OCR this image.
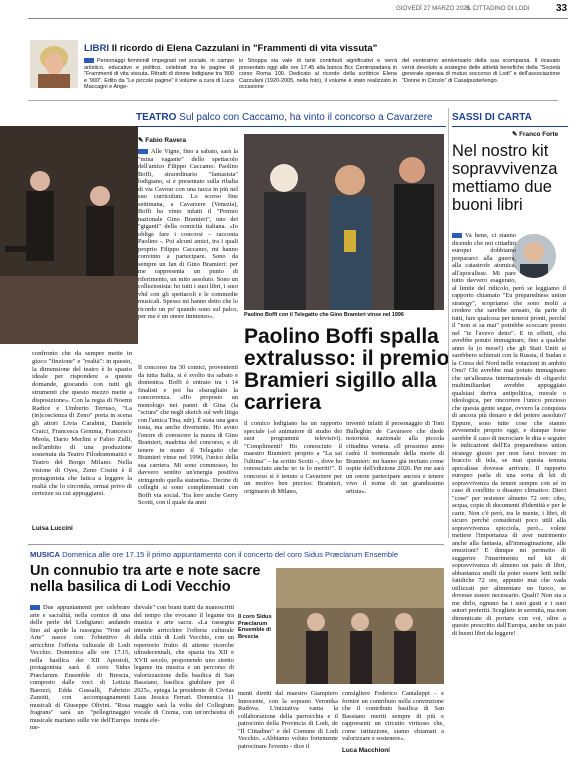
GIOVEDÌ 27 MARZO 2025
IL CITTADINO DI LODI	33
LIBRI Il ricordo di Elena Cazzulani in "Frammenti di vita vissuta"
Personaggi femminili impegnati nel sociale, in campo artistico, educativo e politico, celebrati tra le pagine di "Frammenti di vita vissuta. Ritratti di donne lodigiane tra '800 e '900". Edito da "Le piccole pagine" il volume a cura di Luca Maccagni e Ange-
lo Stroppa sia vale di tanti contributi significativi e verrà presentato oggi alle ore 17.45 alla banca Bcc Centropadana in corso Roma 100. Dedicato al ricordo della scrittrice Elena Cazzulani (1920-2005, nella foto), il volume è stato realizzato in occasione
del ventesimo anniversario della sua scomparsa. Il ricavato verrà devoluto a sostegno delle attività benefiche della "Società generale operaia di mutuo soccorso di Lodi" e dell'associazione "Donne in Circolo" di Casalpusterlengo.
TEATRO Sul palco con Caccamo, ha vinto il concorso a Cavarzere
confronto che da sempre mette in gioco "finzione" e "realtà": in questo, la dimensione del teatro è lo spazio ideale per rispondere a queste domande, giocando con tutti gli strumenti che questo mezzo mette a disposizione». Con la regia di Noemi Radice e Umberto Terruso, "La (in)coscienza di Zeno" porta in scena gli attori Livia Carabini, Daniele Craici, Francesca Gemma, Francesco Meola, Dario Merlini e Fabio Zulli, nell'ambito di una produzione sostenuta da Teatro Filodrammatici e Teatro del Borgo Milano. Nella visione di Oyes, Zeno Cosini è il protagonista che fatica a leggere la realtà che lo circonda, ormai privo di certezze su cui appoggiarsi.
Luisa Luccini
✎ Fabio Ravera
Alle Vigne, fino a sabato, sarà la "mina vagante" dello spettacolo dell'amico Filippo Caccamo. Paolino Boffi, straordinario "fantasista" lodigiano, si è presentato sulla ribalta di via Cavour con una tacca in più nel suo curriculum. Lo scorso fine settimana, a Cavarzere (Venezia), Boffi ha vinto infatti il "Premio nazionale Gino Bramieri", uno dei "giganti" della comicità italiana. «Io oblige fare i concorsi – racconta Paolino -. Poi alcuni amici, tra i quali proprio Filippo Caccamo, mi hanno convinto a partecipare. Sono da sempre un fan di Gino Bramieri: per me rappresenta un punto di riferimento, un mito assoluto. Sono un collezionista: ho tutti i suoi libri, i suoi vhd con gli spettacoli e le commedie musicali. Spesso mi hanno detto che lo ricordo un po' quando sono sul palco, per me è un onore immenso».
Il concorso tra 30 comici, provenienti da tutta Italia, si è svolto tra sabato e domenica. Boffi è entrato tra i 14 finalisti e poi ha sbaragliato la concorrenza. «Ho proposto un monologo nei panni di Gina (la "sciura" che negli sketch sul web litiga con l'amica Tina, ndr). È stata una gara tosta, ma anche divertente. Ho avuto l'onore di conoscere la nuora di Gino Bramieri, madrina del concorso, e di tenere in mano il Telegatto che Bramieri vinse nel 1996, l'unico della sua carriera. Mi sono commosso, ho davvero sentito un'energia positiva stringendo quella statuetta». Decine di colleghi si sono complimentati con Boffi via social. Tra loro anche Gerry Scotti, con il quale da anni
Paolino Boffi con il Telegatto che Gino Bramieri vinse nel 1996
Paolino Boffi spalla extralusso: il premio Bramieri sigillo alla carriera
il comico lodigiano ha un rapporto speciale («è animatore di studio dei suoi programmi televisivi). "Complimenti! Ho conosciuto il maestro Bramieri: proprio a "La sai l'ultima" – ha scritto Scotti –, dove ho conosciuto anche te: te lo meriti!". Il concorso si è tenuto a Cavarzere per un motivo ben preciso: Bramieri, originario di Milano,
inventò infatti il personaggio di Toni Bulleghin de Cavarsere che diede notorietà nazionale alla piccola cittadina veneta. «Il prossimo anno cadrà il trentennale della morte di Bramieri: mi hanno già invitato come ospite dell'edizione 2026. Per me sarà un onore partecipare ancora e tenere vivo il nome di un grandissimo artista».
SASSI DI CARTA
✎ Franco Forte
Nel nostro kit sopravvivenza mettiamo due buoni libri
Va bene, ci stanno dicendo che noi cittadini europei dobbiamo prepararci alla guerra, alla catastrofe atomica, all'apocalisse. Mi pare tutto davvero esagerato, al limite del ridicolo, però se leggiamo il rapporto chiamato "Eu preparedness union strategy", scopriamo che sono molti a credere che sarebbe sensato, da parte di tutti, fare qualcosa per tenersi pronti, perché il "non si sa mai" potrebbe scoccare presto nel "te l'avevo detto". E in effetti, chi avrebbe potuto immaginare, fino a qualche anno fa (o mese!) che gli Stati Uniti si sarebbero schierati con la Russia, il Sudan e la Corea del Nord nelle votazioni in ambito Onu? Chi avrebbe mai potuto immaginare che un'alleanza internazionale di oligarchi multimiliardari avrebbe appoggiato qualsiasi deriva antipolitica, morale o ideologica, per rincorrere l'unico prezioso che questa gente segue, ovvero la conquista di ancora più denaro e del potere assoluto? Eppure, sono tutte cose che stanno avvenendo proprio oggi, e dunque forse sarebbe il caso di incrociare le dita e seguire le indicazioni dell'Eu preparedness union strategy giusto per non farsi trovare in braccio di tela, se mai questa temuta apocalisse dovesse arrivare. Il rapporto europeo parla di una sorta di kit di sopravvivenza da tenere sempre con sé in caso di conflitto o disastro climatico. Dieci "cose" per resistere almeno 72 ore: cibo, acqua, copie di documenti d'identità e per le carte. Non c'è però, tra le mente, i libri, di sicuro perché considerati poco utili alla sopravvivenza spicciola, però... volete mettere l'importanza di aver nutrimento anche alla fantasia, all'immaginazione, alle emozioni? E dunque mi permetto di suggerire l'inserimento nel kit di sopravvivenza di almeno un paio di libri, abbastanza snelli da poter essere letti nelle fatidiche 72 ore, appunto mai che vada utilizzati per alimentare un fuoco, se dovesse essere necessario. Quali? Non sta a me dirlo, ognuno ha i suoi gusti e i suoi autori preferiti. Scegliete in serenità, ma non dimenticate di portare con voi, oltre a questo prescritto dall'Europa, anche un paio di buoni libri da leggere!
MUSICA Domenica alle ore 17.15 il primo appuntamento con il concerto del coro Sidus Præclarum Ensemble
Un connubio tra arte e note sacre nella basilica di Lodi Vecchio
Due appuntamenti per celebrare arte e sacralità, nella cornice di una delle perle del Lodigiano: andando fino ad aprile la rassegna "Note ad Arte" nasce con l'obiettivo di arricchire l'offerta culturale di Lodi Vecchio. Domenica alle ore 17.15, nella basilica dei XII Apostoli, protagonista sarà il coro Sidus Præclarum Ensemble di Brescia, composto dalle voci di Letizia Barozzi, Edda Gussalli, Fabrizio Zanotti, con accompagnamenti musicali di Giuseppe Olivini. "Rosa fragrans" sarà un "pellegrinaggio musicale mariano sulle vie dell'Europa me-
dievale" con brani tratti da manoscritti del tempo che evocano il legame tra musica e arte sacra. «La rassegna intende arricchire l'offerta culturale della città di Lodi Vecchio, con un repertorio frutto di attente ricerche ultradecennali, che spazia tra XII e XVII secolo, proponendo uno stretto legame tra musica e un percorso di valorizzazione della basilica di San Bassiano, basilica giubilare per il 2025», spiega la presidente di Civitas Laus Jessica Ferrari. Domenica 11 maggio sarà la volta del Collegium vocale di Crema, con un'orchestra di trenta ele-
Il coro Sidus Præclarum Ensemble di Brescia
menti diretti dal maestro Giampiero Innocente, con la soprano Veronika Rudova. L'iniziativa vanta la collaborazione della parrocchia e il patrocinio della Provincia di Lodi, de "Il Cittadino" e del Comune di Lodi Vecchio. «Abbiamo voluto fortemente patrocinare l'evento - dice il
consigliere Federico Cantaluppi - e fornire un contributo nella convinzione che il contributo basilica di San Bassiano meriti sempre di più e rappresenti un circuito virtuoso che, come istituzione, siamo chiamati a valorizzare e sostenere».
Luca Macchioni
